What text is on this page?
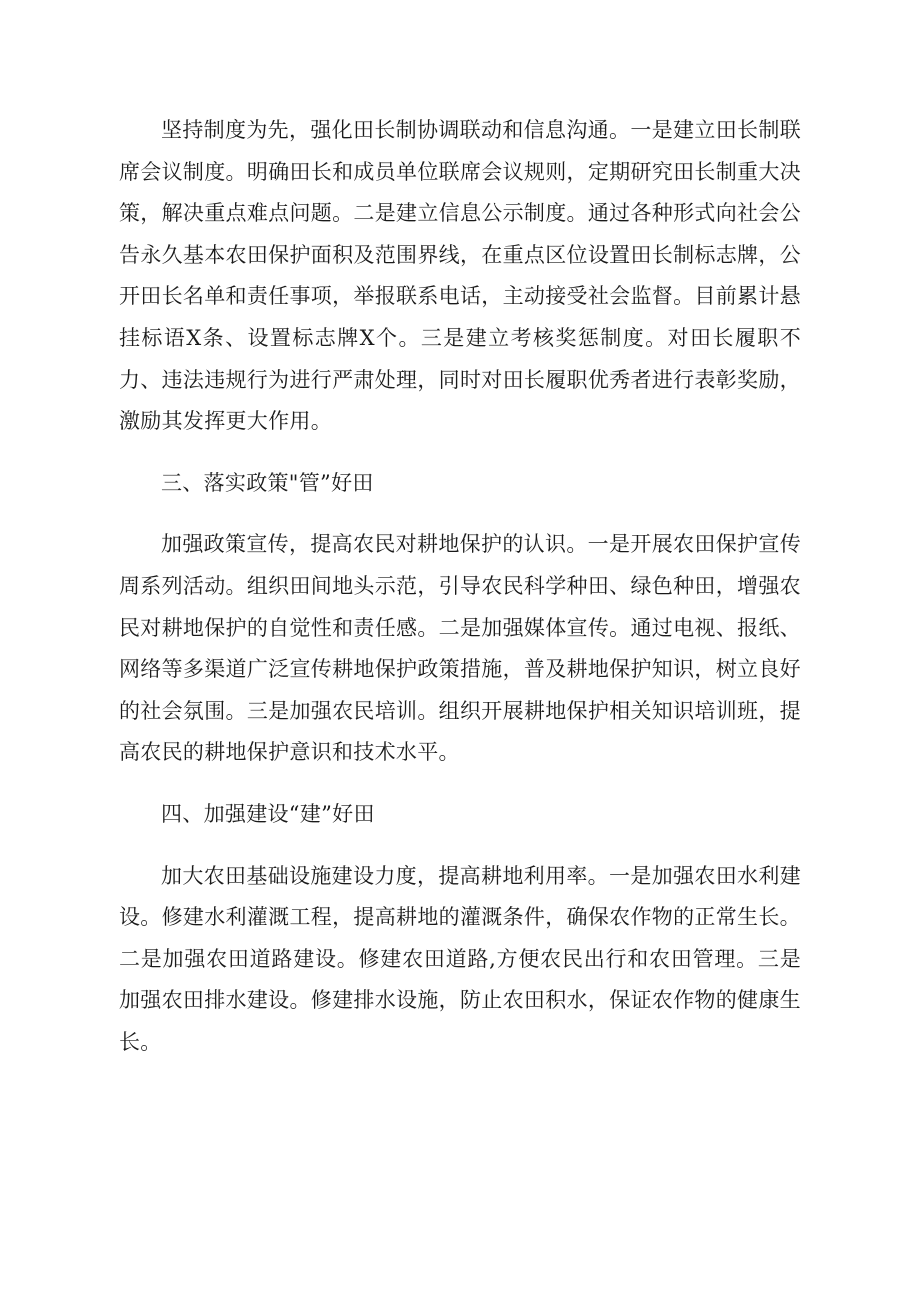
坚持制度为先，强化田长制协调联动和信息沟通。一是建立田长制联席会议制度。明确田长和成员单位联席会议规则，定期研究田长制重大决策，解决重点难点问题。二是建立信息公示制度。通过各种形式向社会公告永久基本农田保护面积及范围界线，在重点区位设置田长制标志牌，公开田长名单和责任事项，举报联系电话，主动接受社会监督。目前累计悬挂标语X条、设置标志牌X个。三是建立考核奖惩制度。对田长履职不力、违法违规行为进行严肃处理，同时对田长履职优秀者进行表彰奖励，激励其发挥更大作用。

三、落实政策"管”好田

加强政策宣传，提高农民对耕地保护的认识。一是开展农田保护宣传周系列活动。组织田间地头示范，引导农民科学种田、绿色种田，增强农民对耕地保护的自觉性和责任感。二是加强媒体宣传。通过电视、报纸、网络等多渠道广泛宣传耕地保护政策措施，普及耕地保护知识，树立良好的社会氛围。三是加强农民培训。组织开展耕地保护相关知识培训班，提高农民的耕地保护意识和技术水平。

四、加强建设“建”好田

加大农田基础设施建设力度，提高耕地利用率。一是加强农田水利建设。修建水利灌溉工程，提高耕地的灌溉条件，确保农作物的正常生长。二是加强农田道路建设。修建农田道路,方便农民出行和农田管理。三是加强农田排水建设。修建排水设施，防止农田积水，保证农作物的健康生长。
